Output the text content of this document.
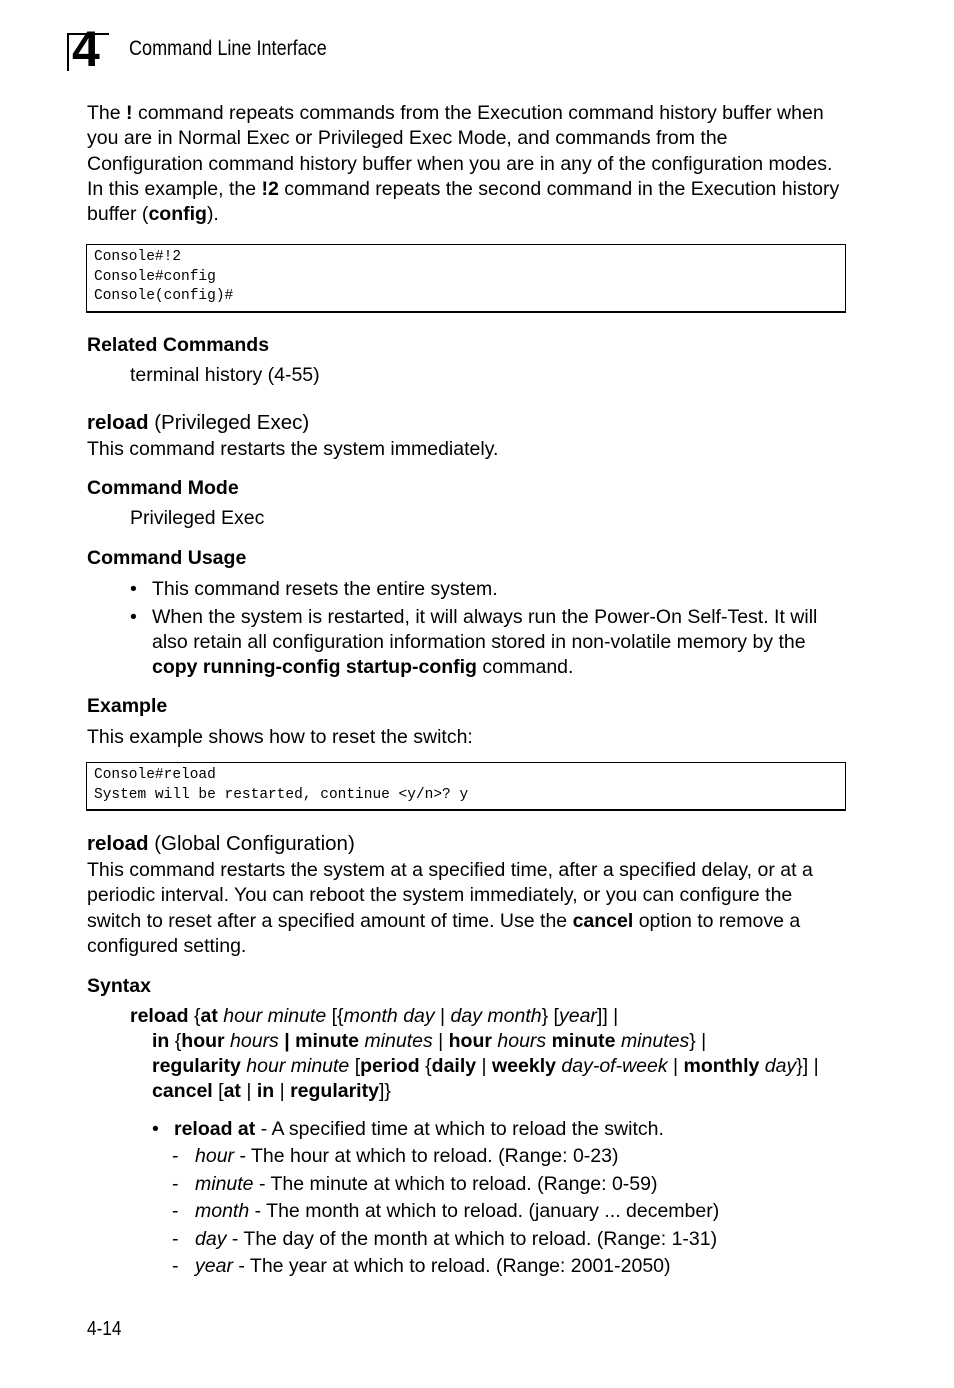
4 Command Line Interface

The ! command repeats commands from the Execution command history buffer when you are in Normal Exec or Privileged Exec Mode, and commands from the Configuration command history buffer when you are in any of the configuration modes. In this example, the !2 command repeats the second command in the Execution history buffer (config).

Console#!2
Console#config
Console(config)#
Related Commands
terminal history (4-55)
reload (Privileged Exec)
This command restarts the system immediately.
Command Mode
Privileged Exec
Command Usage
• This command resets the entire system.
• When the system is restarted, it will always run the Power-On Self-Test. It will also retain all configuration information stored in non-volatile memory by the copy running-config startup-config command.
Example
This example shows how to reset the switch:
Console#reload
System will be restarted, continue <y/n>? y
reload (Global Configuration)

This command restarts the system at a specified time, after a specified delay, or at a periodic interval. You can reboot the system immediately, or you can configure the switch to reset after a specified amount of time. Use the cancel option to remove a configured setting.

Syntax
reload {at hour minute [{month day | day month} [year]] |
in {hour hours | minute minutes | hour hours minute minutes} |
regularity hour minute [period {daily | weekly day-of-week | monthly day}] |
cancel [at | in | regularity]}
• reload at - A specified time at which to reload the switch.
- hour - The hour at which to reload. (Range: 0-23)
- minute - The minute at which to reload. (Range: 0-59)
- month - The month at which to reload. (january ... december)
- day - The day of the month at which to reload. (Range: 1-31)
- year - The year at which to reload. (Range: 2001-2050)
4-14
